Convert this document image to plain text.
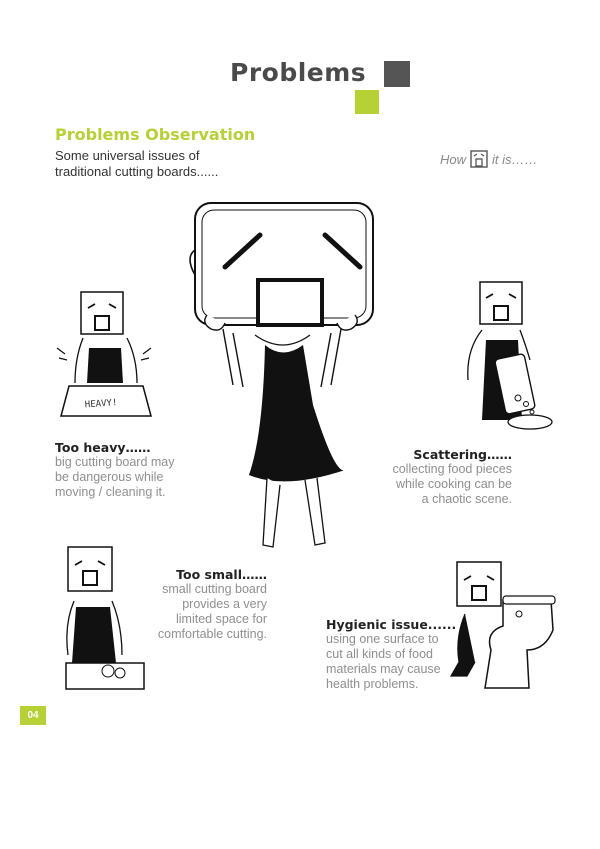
Problems
Problems Observation
Some universal issues of
traditional cutting boards......
How it is……
HEAVY!
Too heavy……
big cutting board may
be dangerous while
moving / cleaning it.
Scattering……
collecting food pieces
while cooking can be
a chaotic scene.
Too small……
small cutting board
provides a very
limited space for
comfortable cutting.
Hygienic issue......
using one surface to
cut all kinds of food
materials may cause
health problems.
04
